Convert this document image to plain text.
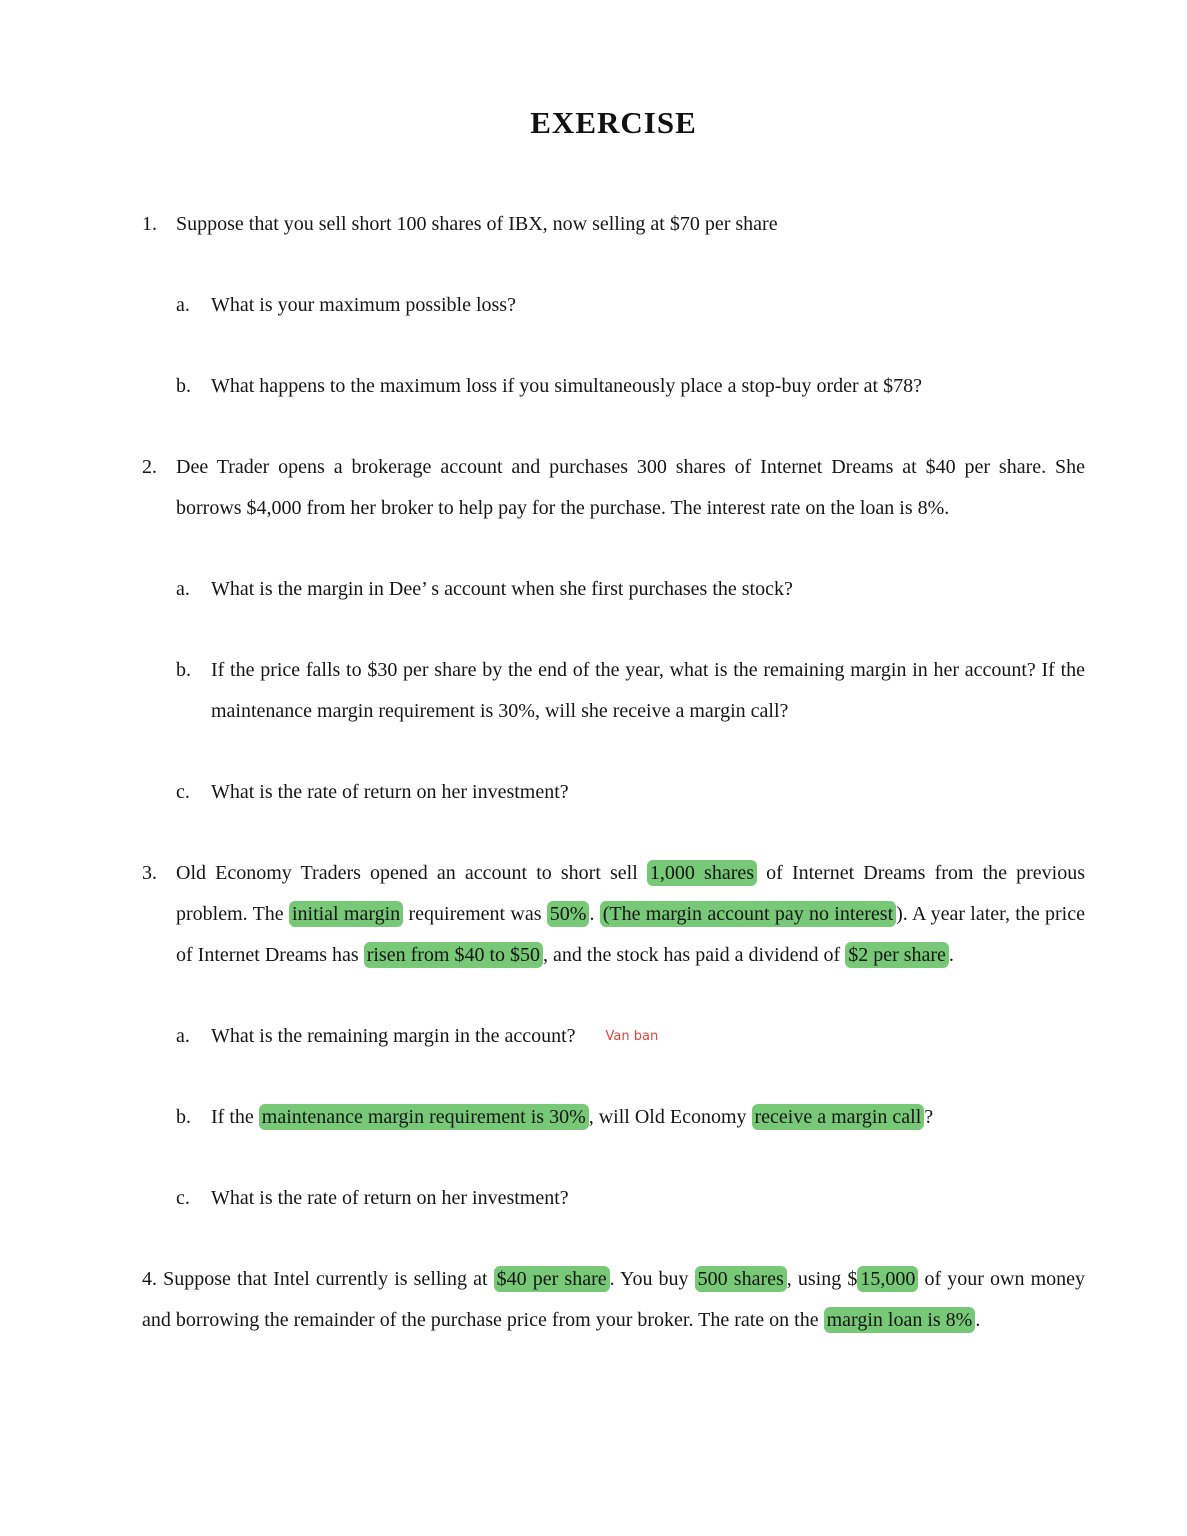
EXERCISE
1. Suppose that you sell short 100 shares of IBX, now selling at $70 per share
a.	What is your maximum possible loss?
b.	What happens to the maximum loss if you simultaneously place a stop-buy order at $78?
2. Dee Trader opens a brokerage account and purchases 300 shares of Internet Dreams at $40 per share. She borrows $4,000 from her broker to help pay for the purchase. The interest rate on the loan is 8%.
a.	What is the margin in Dee’ s account when she first purchases the stock?
b.	If the price falls to $30 per share by the end of the year, what is the remaining margin in her account? If the maintenance margin requirement is 30%, will she receive a margin call?
c.	What is the rate of return on her investment?
3. Old Economy Traders opened an account to short sell 1,000 shares of Internet Dreams from the previous problem. The initial margin requirement was 50% . (The margin account pay no interest ). A year later, the price of Internet Dreams has risen from $40 to $50 , and the stock has paid a dividend of $2 per share .
a.	What is the remaining margin in the account? Van ban
b.	If the maintenance margin requirement is 30% , will Old Economy receive a margin call ?
c.	What is the rate of return on her investment?
4. Suppose that Intel currently is selling at $40 per share . You buy 500 shares , using $ 15,000 of your own money and borrowing the remainder of the purchase price from your broker. The rate on the margin loan is 8% .
